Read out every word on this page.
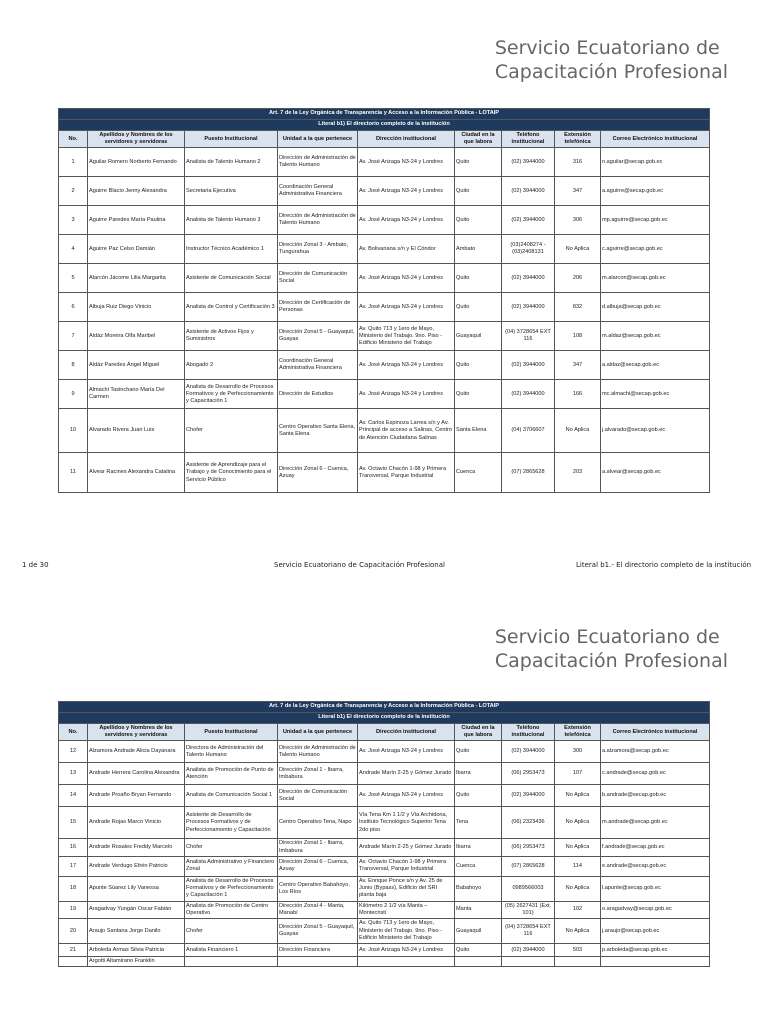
Servicio Ecuatoriano de
Capacitación Profesional
Art. 7 de la Ley Orgánica de Transparencia y Acceso a la Información Pública - LOTAIP								
Literal b1) El directorio completo de la institución								
No.	Apellidos y Nombres de los servidores y servidoras	Puesto Institucional	Unidad a la que pertenece	Dirección institucional	Ciudad en la que labora	Teléfono institucional	Extensión telefónica	Correo Electrónico institucional
1	Aguilar Romero Norberto Fernando	Analista de Talento Humano 2	Dirección de Administración de Talento Humano	Av. José Arizaga N3-24 y Londres	Quito	(02) 3944000	316	n.aguilar@secap.gob.ec
2	Aguirre Blacio Jenny Alexandra	Secretaria Ejecutiva	Coordinación General Administrativa Financiera	Av. José Arizaga N3-24 y Londres	Quito	(02) 3944000	347	a.aguirre@secap.gob.ec
3	Aguirre Paredes María Paulina	Analista de Talento Humano 3	Dirección de Administración de Talento Humano	Av. José Arizaga N3-24 y Londres	Quito	(02) 3944000	306	mp.aguirre@secap.gob.ec
4	Aguirre Paz Celso Damián	Instructor Técnico Académico 1	Dirección Zonal 3 - Ambato, Tungurahua	Av. Bolivariana s/n y El Cóndor	Ambato	(03)2408274 - (03)2408131	No Aplica	c.aguirre@secap.gob.ec
5	Alarcón Jácome Lilia Margarita	Asistente de Comunicación Social	Dirección de Comunicación Social	Av. José Arizaga N3-24 y Londres	Quito	(02) 3944000	206	m.alarcon@secap.gob.ec
6	Albuja Ruiz Diego Vinicio	Analista de Control y Certificación 3	Dirección de Certificación de Personas	Av. José Arizaga N3-24 y Londres	Quito	(02) 3944000	832	d.albuja@secap.gob.ec
7	Aldáz Moreira Olfa Maribel	Asistente de Activos Fijos y Suministros	Dirección Zonal 5 - Guayaquil, Guayas	Av. Quito 713 y 1ero de Mayo, Ministerio del Trabajo. 9no. Piso - Edificio Ministerio del Trabajo	Guayaquil	(04) 3728654 EXT 116	108	m.aldaz@secap.gob.ec
8	Aldáz Paredes Ángel Miguel	Abogado 2	Coordinación General Administrativa Financiera	Av. José Arizaga N3-24 y Londres	Quito	(02) 3944000	347	a.aldaz@secap.gob.ec
9	Almachi Tasinchano María Del Carmen	Analista de Desarrollo de Procesos Formativos y de Perfeccionamiento y Capacitación 1	Dirección de Estudios	Av. José Arizaga N3-24 y Londres	Quito	(02) 3944000	166	mc.almachi@secap.gob.ec
10	Alvarado Rivera Juan Luis	Chofer	Centro Operativo Santa Elena, Santa Elena	Av. Carlos Espinoza Larrea s/n y Av. Principal de acceso a Salinas, Centro de Atención Ciudadana Salinas	Santa Elena	(04) 3706607	No Aplica	j.alvarado@secap.gob.ec
11	Alvear Racines Alexandra Catalina	Asistente de Aprendizaje para el Trabajo y de Conocimiento para el Servicio Público	Dirección Zonal 6 - Cuenca, Azuay	Av. Octavio Chacón 1-98 y Primera Transversal, Parque Industrial	Cuenca	(07) 2865628	203	a.alvear@secap.gob.ec
1 de 30	Servicio Ecuatoriano de Capacitación Profesional	Literal b1.- El directorio completo de la institución
Servicio Ecuatoriano de
Capacitación Profesional
Art. 7 de la Ley Orgánica de Transparencia y Acceso a la Información Pública - LOTAIP								
Literal b1) El directorio completo de la institución								
No.	Apellidos y Nombres de los servidores y servidoras	Puesto Institucional	Unidad a la que pertenece	Dirección institucional	Ciudad en la que labora	Teléfono institucional	Extensión telefónica	Correo Electrónico institucional
12	Alzamora Andrade Alicia Dayanara	Directora de Administración del Talento Humano	Dirección de Administración de Talento Humano	Av. José Arizaga N3-24 y Londres	Quito	(02) 3944000	300	a.alzamora@secap.gob.ec
13	Andrade Herrera Carolina Alexandra	Analista de Promoción de Punto de Atención	Dirección Zonal 1 - Ibarra, Imbabura	Andrade Marín 2-25 y Gómez Jurado	Ibarra	(06) 2953473	107	c.andrade@secap.gob.ec
14	Andrade Proaño Bryan Fernando	Analista de Comunicación Social 1	Dirección de Comunicación Social	Av. José Arizaga N3-24 y Londres	Quito	(02) 3944000	No Aplica	b.andrade@secap.gob.ec
15	Andrade Rojas Marco Vinicio	Asistente de Desarrollo de Procesos Formativos y de Perfeccionamiento y Capacitación	Centro Operativo Tena, Napo	Vía Tena Km 1 1/2 y Vía Archidona, Instituto Tecnológico Superior Tena 2do piso	Tena	(06) 2323436	No Aplica	m.andrade@secap.gob.ec
16	Andrade Rosales Freddy Marcelo	Chofer	Dirección Zonal 1 - Ibarra, Imbabura	Andrade Marín 2-25 y Gómez Jurado	Ibarra	(06) 2953473	No Aplica	f.andrade@secap.gob.ec
17	Andrade Verdugo Efrén Patricio	Analista Administrativo y Financiero Zonal	Dirección Zonal 6 - Cuenca, Azuay	Av. Octavio Chacón 1-98 y Primera Transversal, Parque Industrial	Cuenca	(07) 2865628	114	e.andrade@secap.gob.ec
18	Apunte Súarez Lily Vanessa	Analista de Desarrollo de Procesos Formativos y de Perfeccionamiento y Capacitación 1	Centro Operativo Babahoyo, Los Ríos	Av. Enrique Ponce s/n y Av. 25 de Junio (Bypass), Edificio del SRI planta baja	Babahoyo	0989566003	No Aplica	l.apunte@secap.gob.ec
19	Aragadvay Yungán Oscar Fabián	Analista de Promoción de Centro Operativo	Dirección Zonal 4 - Manta, Manabí	Kilómetro 2 1/2 vía Manta – Montecristi	Manta	(05) 2627431 (Ext. 101)	102	o.aragadvay@secap.gob.ec
20	Araujo Santana Jorge Danilo	Chofer	Dirección Zonal 5 - Guayaquil, Guayas	Av. Quito 713 y 1ero de Mayo, Ministerio del Trabajo. 9no. Piso - Edificio Ministerio del Trabajo	Guayaquil	(04) 3728654 EXT 116	No Aplica	j.araujo@secap.gob.ec
21	Arboleda Armas Silvia Patricia	Analista Financiero 1	Dirección Financiera	Av. José Arizaga N3-24 y Londres	Quito	(02) 3944000	503	p.arboleda@secap.gob.ec
	Argotti Altamirano Franklin							
